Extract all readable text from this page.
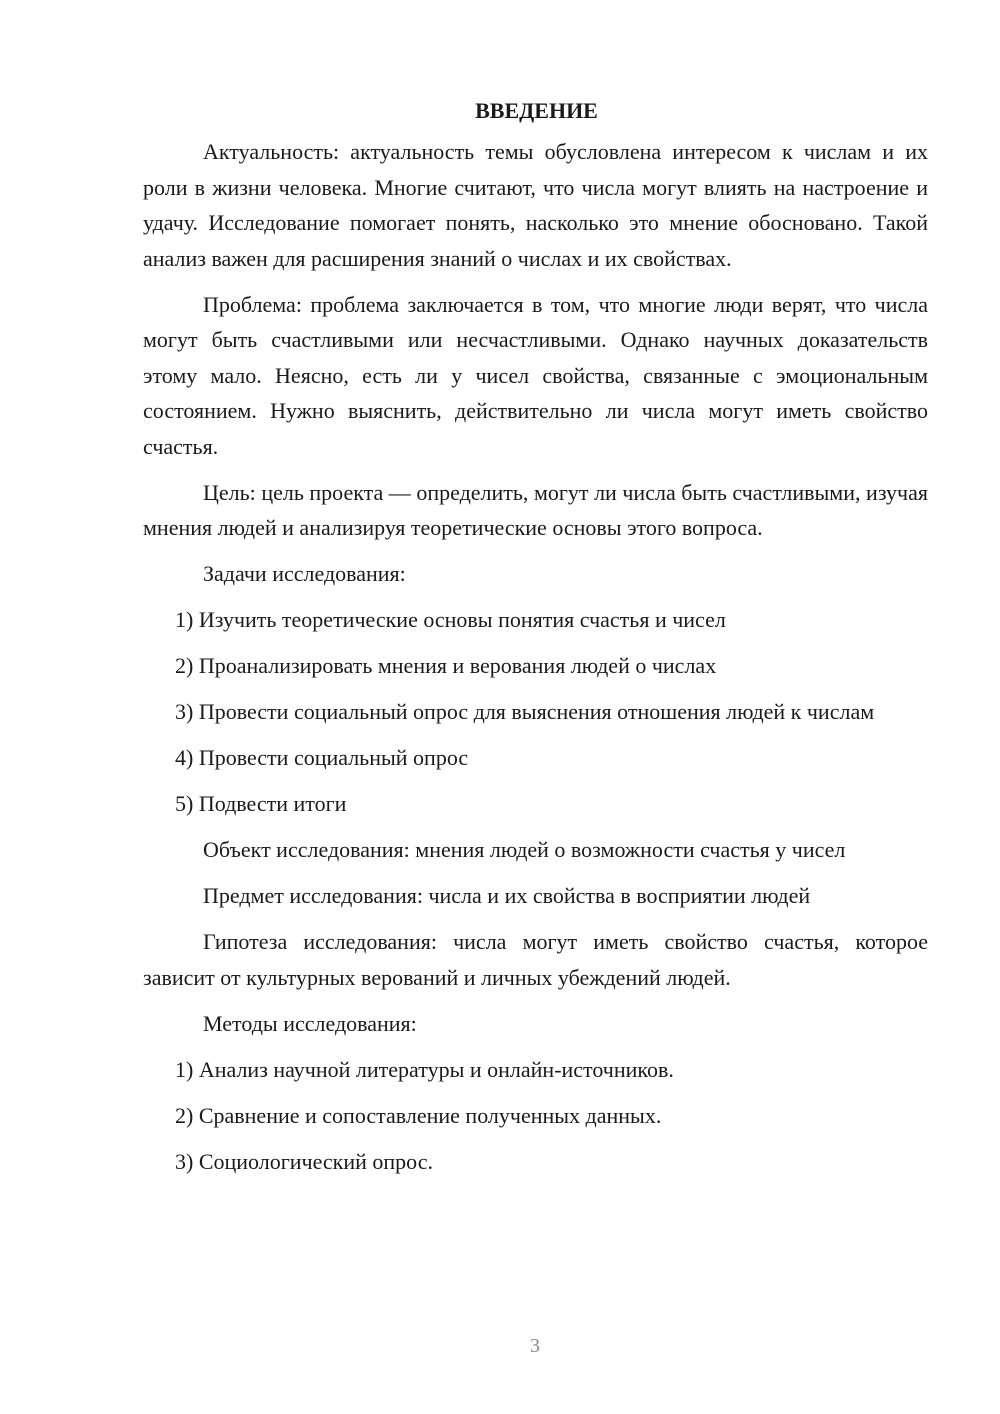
ВВЕДЕНИЕ

Актуальность: актуальность темы обусловлена интересом к числам и их роли в жизни человека. Многие считают, что числа могут влиять на настроение и удачу. Исследование помогает понять, насколько это мнение обосновано. Такой анализ важен для расширения знаний о числах и их свойствах.

Проблема: проблема заключается в том, что многие люди верят, что числа могут быть счастливыми или несчастливыми. Однако научных доказательств этому мало. Неясно, есть ли у чисел свойства, связанные с эмоциональным состоянием. Нужно выяснить, действительно ли числа могут иметь свойство счастья.

Цель: цель проекта — определить, могут ли числа быть счастливыми, изучая мнения людей и анализируя теоретические основы этого вопроса.

Задачи исследования:

1) Изучить теоретические основы понятия счастья и чисел

2) Проанализировать мнения и верования людей о числах

3) Провести социальный опрос для выяснения отношения людей к числам

4) Провести социальный опрос

5) Подвести итоги

Объект исследования: мнения людей о возможности счастья у чисел

Предмет исследования: числа и их свойства в восприятии людей

Гипотеза исследования: числа могут иметь свойство счастья, которое зависит от культурных верований и личных убеждений людей.

Методы исследования:

1) Анализ научной литературы и онлайн-источников.

2) Сравнение и сопоставление полученных данных.

3) Социологический опрос.

3
